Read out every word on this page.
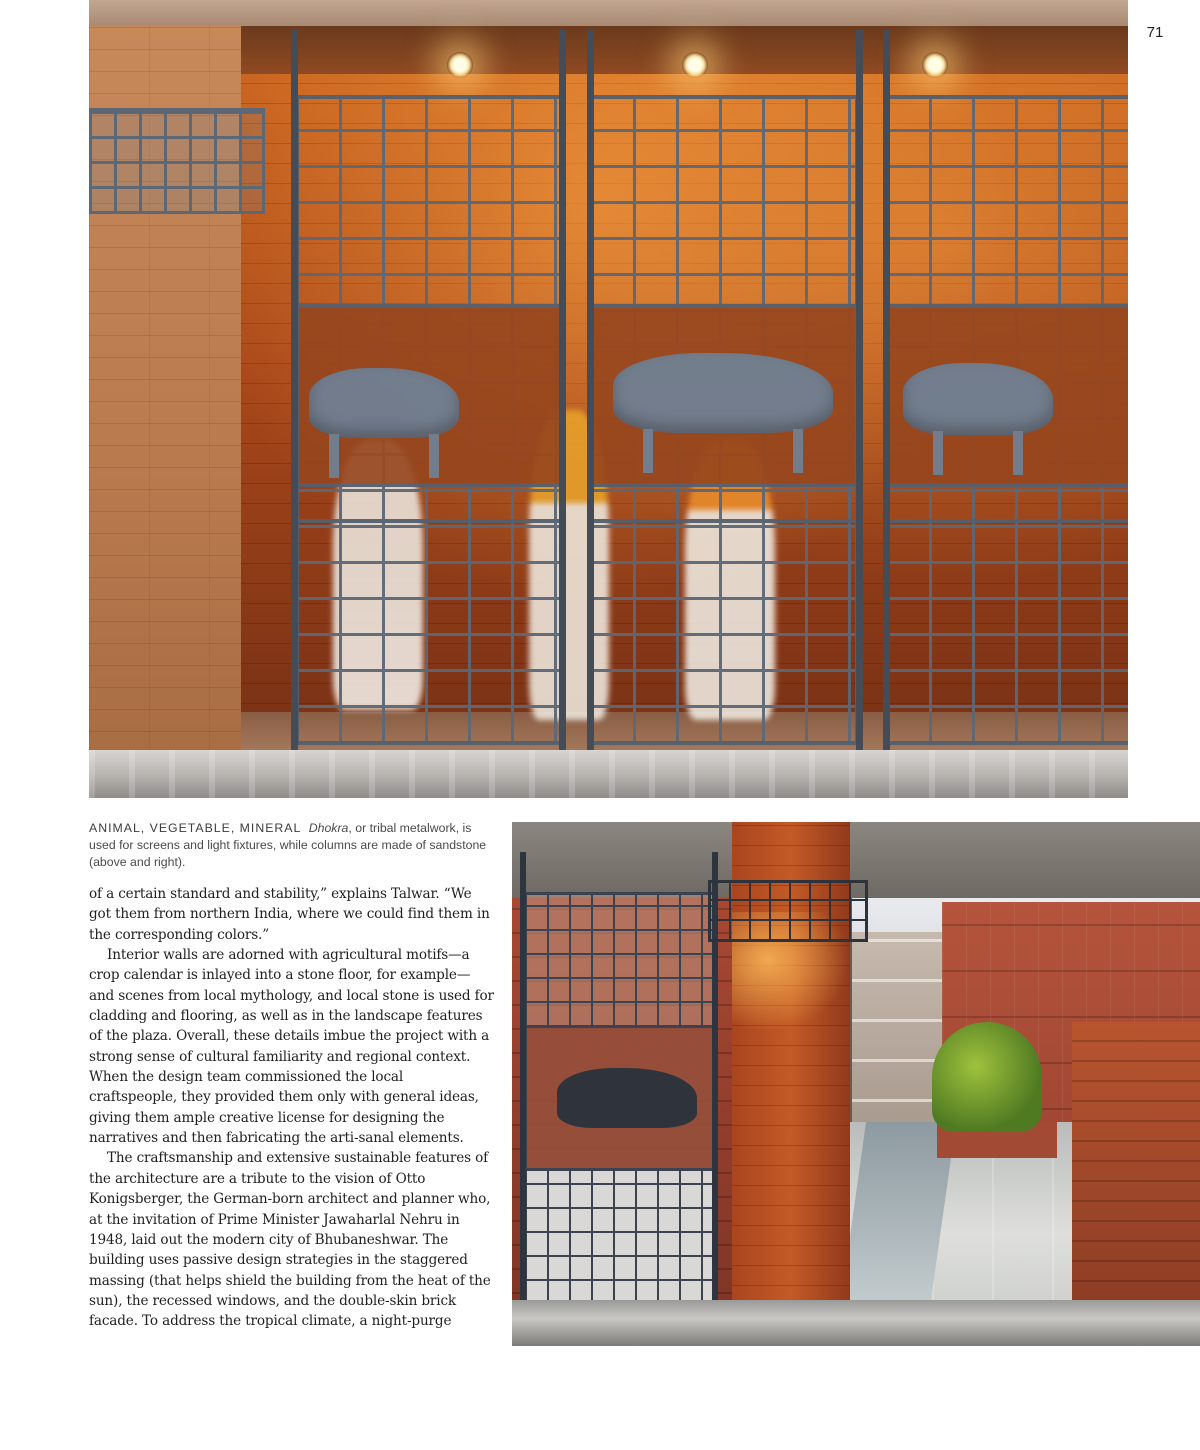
71

ANIMAL, VEGETABLE, MINERAL Dhokra, or tribal metalwork, is used for screens and light fixtures, while columns are made of sandstone (above and right).

of a certain standard and stability,” explains Talwar. “We got them from northern India, where we could find them in the corresponding colors.”

Interior walls are adorned with agricultural motifs—a crop calendar is inlayed into a stone floor, for example—and scenes from local mythology, and local stone is used for cladding and flooring, as well as in the landscape features of the plaza. Overall, these details imbue the project with a strong sense of cultural familiarity and regional context. When the design team commissioned the local craftspeople, they provided them only with general ideas, giving them ample creative license for designing the narratives and then fabricating the arti-sanal elements.

The craftsmanship and extensive sustainable features of the architecture are a tribute to the vision of Otto Konigsberger, the German-born architect and planner who, at the invitation of Prime Minister Jawaharlal Nehru in 1948, laid out the modern city of Bhubaneshwar. The building uses passive design strategies in the staggered massing (that helps shield the building from the heat of the sun), the recessed windows, and the double-skin brick facade. To address the tropical climate, a night-purge
